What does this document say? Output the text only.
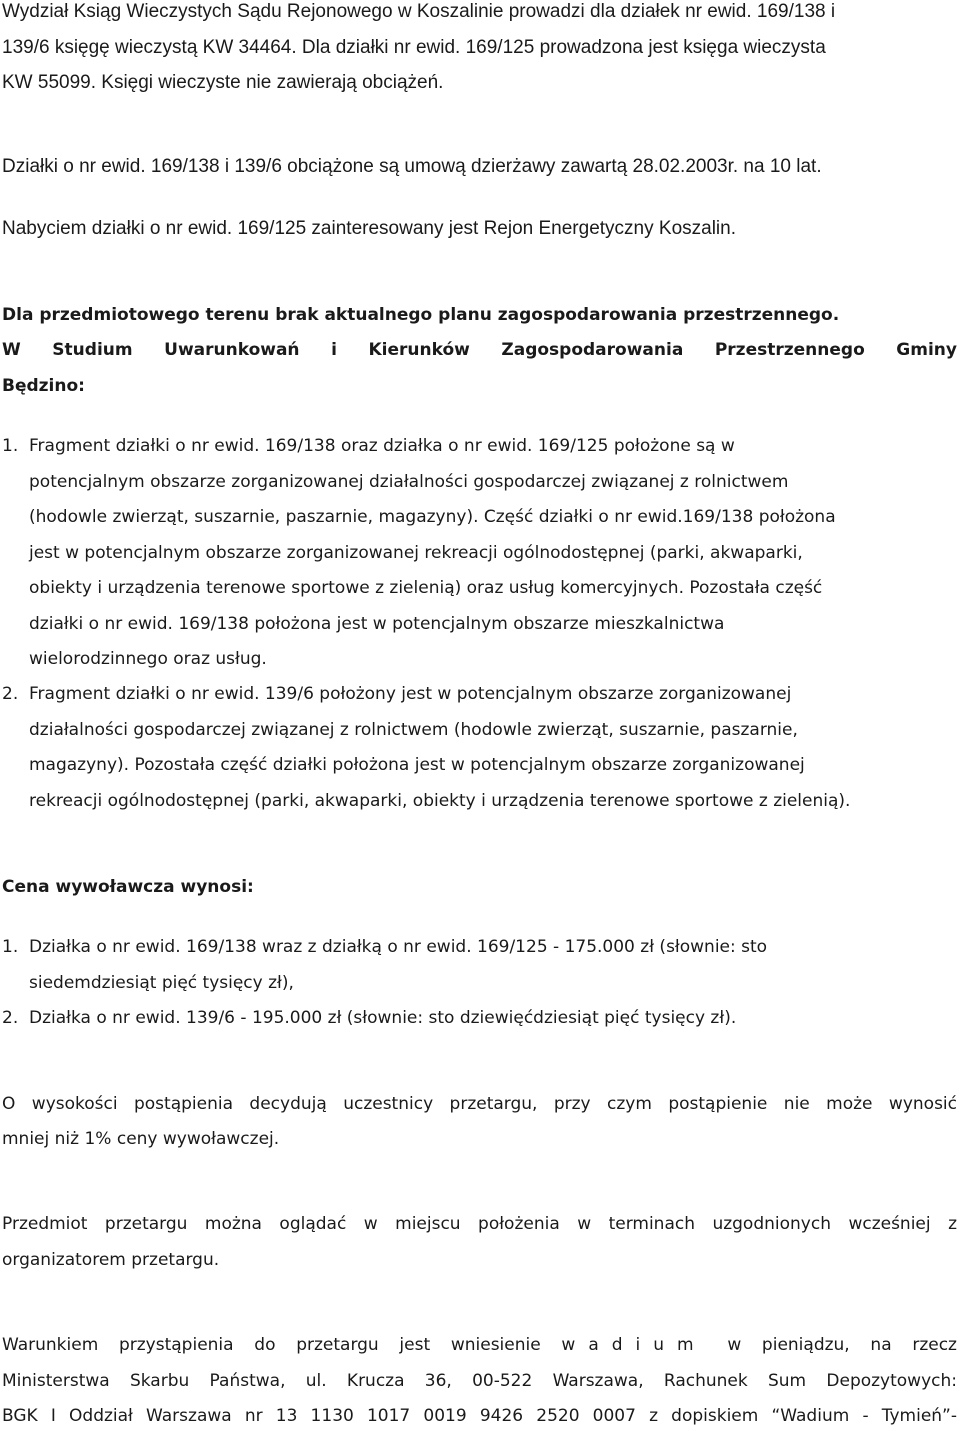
Wydział Ksiąg Wieczystych Sądu Rejonowego w Koszalinie prowadzi dla działek nr ewid. 169/138 i
139/6 księgę wieczystą KW 34464. Dla działki nr ewid. 169/125 prowadzona jest księga wieczysta
KW 55099. Księgi wieczyste nie zawierają obciążeń.
Działki o nr ewid. 169/138 i 139/6 obciążone są umową dzierżawy zawartą 28.02.2003r. na 10 lat.
Nabyciem działki o nr ewid. 169/125 zainteresowany jest Rejon Energetyczny Koszalin.
Dla przedmiotowego terenu brak aktualnego planu zagospodarowania przestrzennego.
W Studium Uwarunkowań i Kierunków Zagospodarowania Przestrzennego Gminy
Będzino:
1. Fragment działki o nr ewid. 169/138 oraz działka o nr ewid. 169/125 położone są w
potencjalnym obszarze zorganizowanej działalności gospodarczej związanej z rolnictwem
(hodowle zwierząt, suszarnie, paszarnie, magazyny). Część działki o nr ewid.169/138 położona
jest w potencjalnym obszarze zorganizowanej rekreacji ogólnodostępnej (parki, akwaparki,
obiekty i urządzenia terenowe sportowe z zielenią) oraz usług komercyjnych. Pozostała część
działki o nr ewid. 169/138 położona jest w potencjalnym obszarze mieszkalnictwa
wielorodzinnego oraz usług.
2. Fragment działki o nr ewid. 139/6 położony jest w potencjalnym obszarze zorganizowanej
działalności gospodarczej związanej z rolnictwem (hodowle zwierząt, suszarnie, paszarnie,
magazyny). Pozostała część działki położona jest w potencjalnym obszarze zorganizowanej
rekreacji ogólnodostępnej (parki, akwaparki, obiekty i urządzenia terenowe sportowe z zielenią).
Cena wywoławcza wynosi:
1. Działka o nr ewid. 169/138 wraz z działką o nr ewid. 169/125 - 175.000 zł (słownie: sto
siedemdziesiąt pięć tysięcy zł),
2. Działka o nr ewid. 139/6 - 195.000 zł (słownie: sto dziewięćdziesiąt pięć tysięcy zł).
O wysokości postąpienia decydują uczestnicy przetargu, przy czym postąpienie nie może wynosić
mniej niż 1% ceny wywoławczej.
Przedmiot przetargu można oglądać w miejscu położenia w terminach uzgodnionych wcześniej z
organizatorem przetargu.
Warunkiem przystąpienia do przetargu jest wniesienie wadium w pieniądzu, na rzecz
Ministerstwa Skarbu Państwa, ul. Krucza 36, 00-522 Warszawa, Rachunek Sum Depozytowych:
BGK I Oddział Warszawa nr 13 1130 1017 0019 9426 2520 0007 z dopiskiem “Wadium - Tymień”-
